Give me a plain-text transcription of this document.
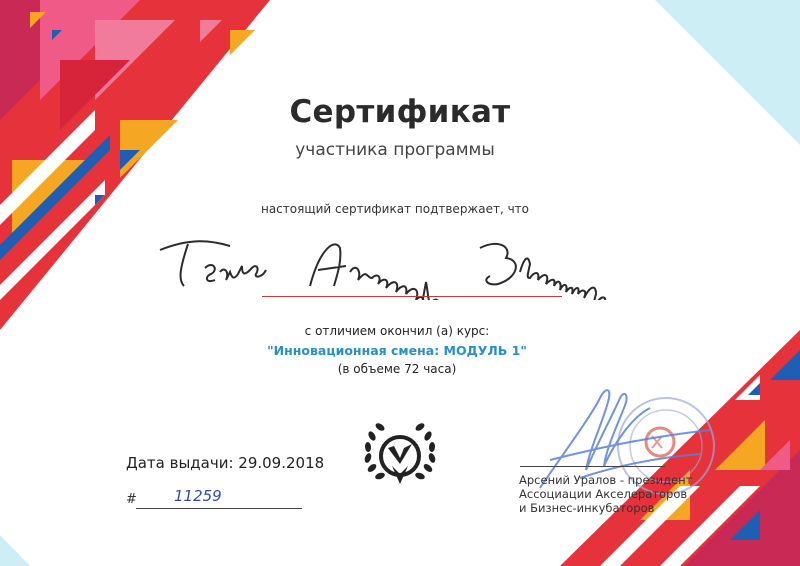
Сертификат
участника программы
настоящий сертификат подтвержает, что
с отличием окончил (а) курс:
"Инновационная смена: МОДУЛЬ 1"
(в объеме 72 часа)
Дата выдачи: 29.09.2018
# 11259
Арсений Уралов - президент
Ассоциации Акселераторов
и Бизнес-инкубаторов
